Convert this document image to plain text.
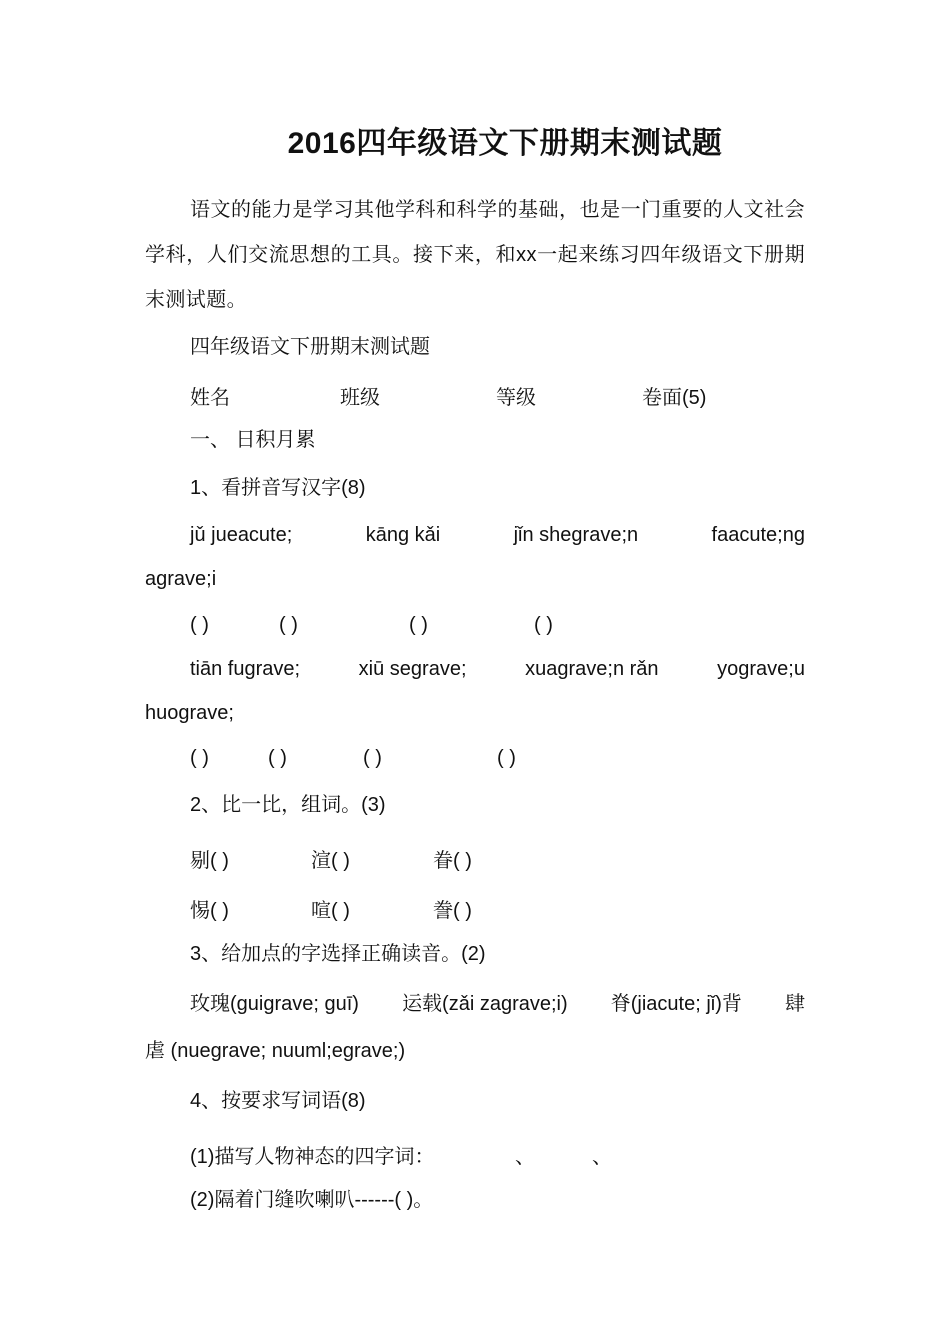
2016四年级语文下册期末测试题
语文的能力是学习其他学科和科学的基础，也是一门重要的人文社会学科，人们交流思想的工具。接下来，和xx一起来练习四年级语文下册期末测试题。
四年级语文下册期末测试题
姓名	班级	等级	卷面(5)
一、 日积月累
1、看拼音写汉字(8)
jǔ jueacute;	kāng kǎi	jǐn shegrave;n	faacute;ng
agrave;i
( )	( )	( )	( )
tiān fugrave;	xiū segrave;	xuagrave;n rǎn	yograve;u
huograve;
( )	( )	( )	( )
2、比一比，组词。(3)
剔( )	渲( )	眷( )
惕( )	喧( )	誊( )
3、给加点的字选择正确读音。(2)
玫瑰(guigrave; guī) 运载(zǎi zagrave;i) 脊(jiacute; jǐ)背 肆
虐 (nuegrave; nuuml;egrave;)
4、按要求写词语(8)
(1)描写人物神态的四字词：	、	、
(2)隔着门缝吹喇叭------( )。
